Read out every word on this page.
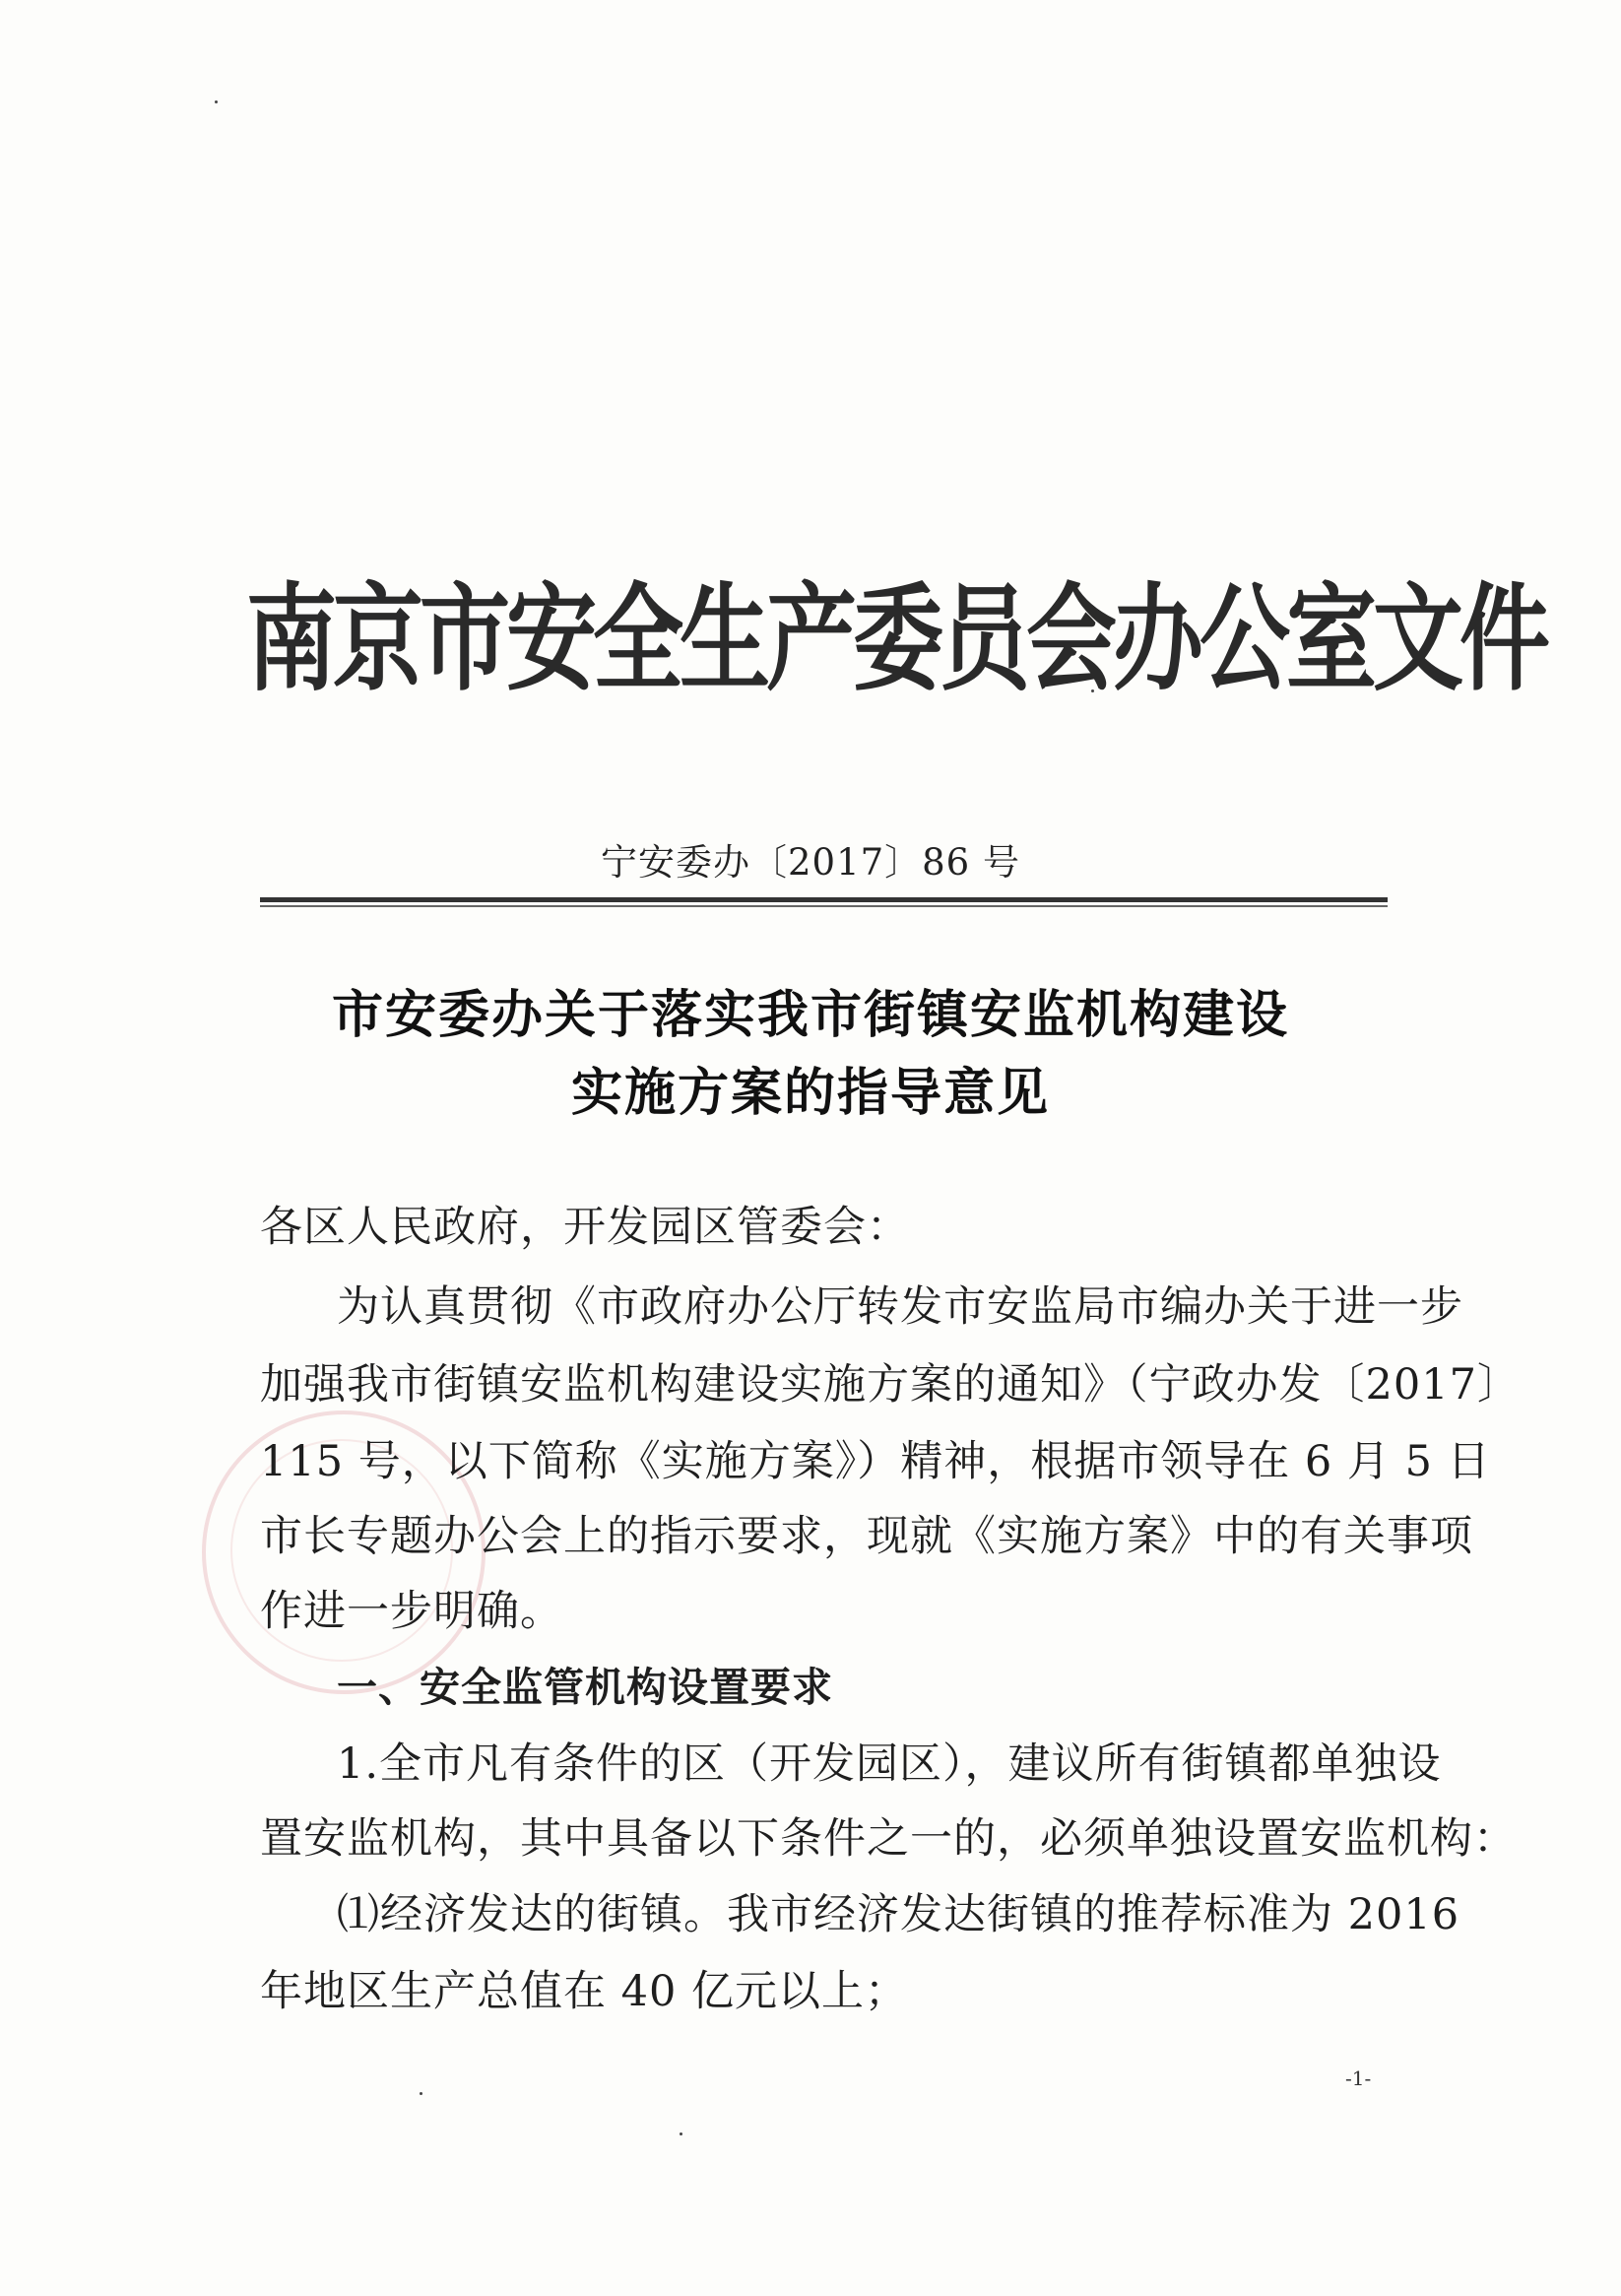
南京市安全生产委员会办公室文件
宁安委办〔2017〕86 号
市安委办关于落实我市街镇安监机构建设
实施方案的指导意见
各区人民政府，开发园区管委会：
为认真贯彻《市政府办公厅转发市安监局市编办关于进一步
加强我市街镇安监机构建设实施方案的通知》（宁政办发〔2017〕
115 号，以下简称《实施方案》）精神，根据市领导在 6 月 5 日
市长专题办公会上的指示要求，现就《实施方案》中的有关事项
作进一步明确。
一、安全监管机构设置要求
1.全市凡有条件的区（开发园区），建议所有街镇都单独设
置安监机构，其中具备以下条件之一的，必须单独设置安监机构：
⑴经济发达的街镇。我市经济发达街镇的推荐标准为 2016
年地区生产总值在 40 亿元以上；
-1-
